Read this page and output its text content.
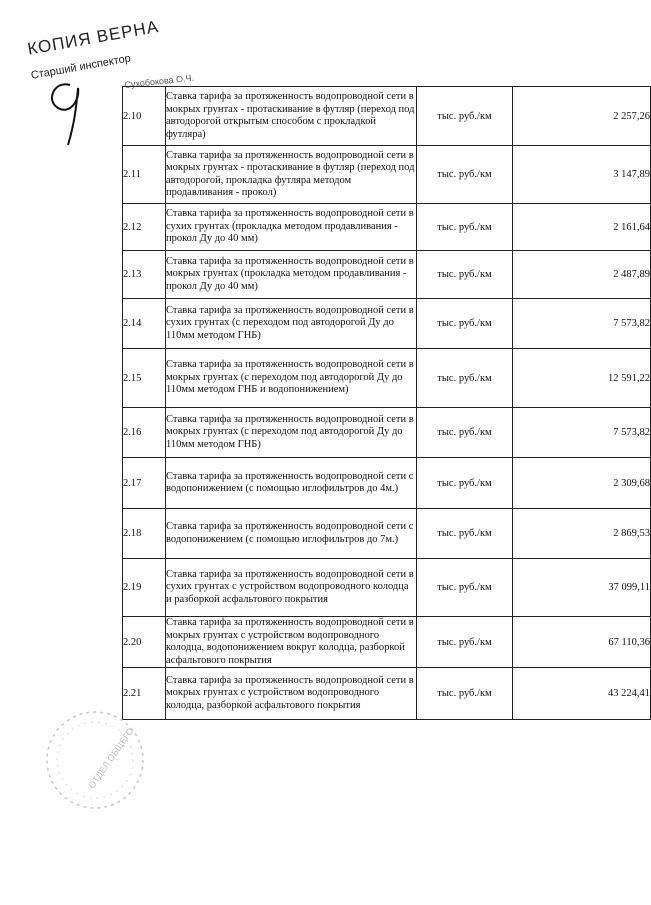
КОПИЯ ВЕРНА
Старший инспектор
Сухобокова О.Ч.
2.10	Ставка тарифа за протяженность водопроводной сети в мокрых грунтах - протаскивание в футляр (переход под автодорогой открытым способом с прокладкой футляра)	тыс. руб./км	2 257,26
2.11	Ставка тарифа за протяженность водопроводной сети в мокрых грунтах - протаскивание в футляр (переход под автодорогой, прокладка футляра методом продавливания - прокол)	тыс. руб./км	3 147,89
2.12	Ставка тарифа за протяженность водопроводной сети в сухих грунтах (прокладка методом продавливания - прокол Ду до 40 мм)	тыс. руб./км	2 161,64
2.13	Ставка тарифа за протяженность водопроводной сети в мокрых грунтах (прокладка методом продавливания - прокол Ду до 40 мм)	тыс. руб./км	2 487,89
2.14	Ставка тарифа за протяженность водопроводной сети в сухих грунтах (с переходом под автодорогой Ду до 110мм методом ГНБ)	тыс. руб./км	7 573,82
2.15	Ставка тарифа за протяженность водопроводной сети в мокрых грунтах (с переходом под автодорогой Ду до 110мм методом ГНБ и водопонижением)	тыс. руб./км	12 591,22
2.16	Ставка тарифа за протяженность водопроводной сети в мокрых грунтах (с переходом под автодорогой Ду до 110мм методом ГНБ)	тыс. руб./км	7 573,82
2.17	Ставка тарифа за протяженность водопроводной сети с водопонижением (с помощью иглофильтров до 4м.)	тыс. руб./км	2 309,68
2.18	Ставка тарифа за протяженность водопроводной сети с водопонижением (с помощью иглофильтров до 7м.)	тыс. руб./км	2 869,53
2.19	Ставка тарифа за протяженность водопроводной сети в сухих грунтах с устройством водопроводного колодца и разборкой асфальтового покрытия	тыс. руб./км	37 099,11
2.20	Ставка тарифа за протяженность водопроводной сети в мокрых грунтах с устройством водопроводного колодца, водопонижением вокруг колодца, разборкой асфальтового покрытия	тыс. руб./км	67 110,36
2.21	Ставка тарифа за протяженность водопроводной сети в мокрых грунтах с устройством водопроводного колодца, разборкой асфальтового покрытия	тыс. руб./км	43 224,41
ОТДЕЛ ОБЩЕГО
